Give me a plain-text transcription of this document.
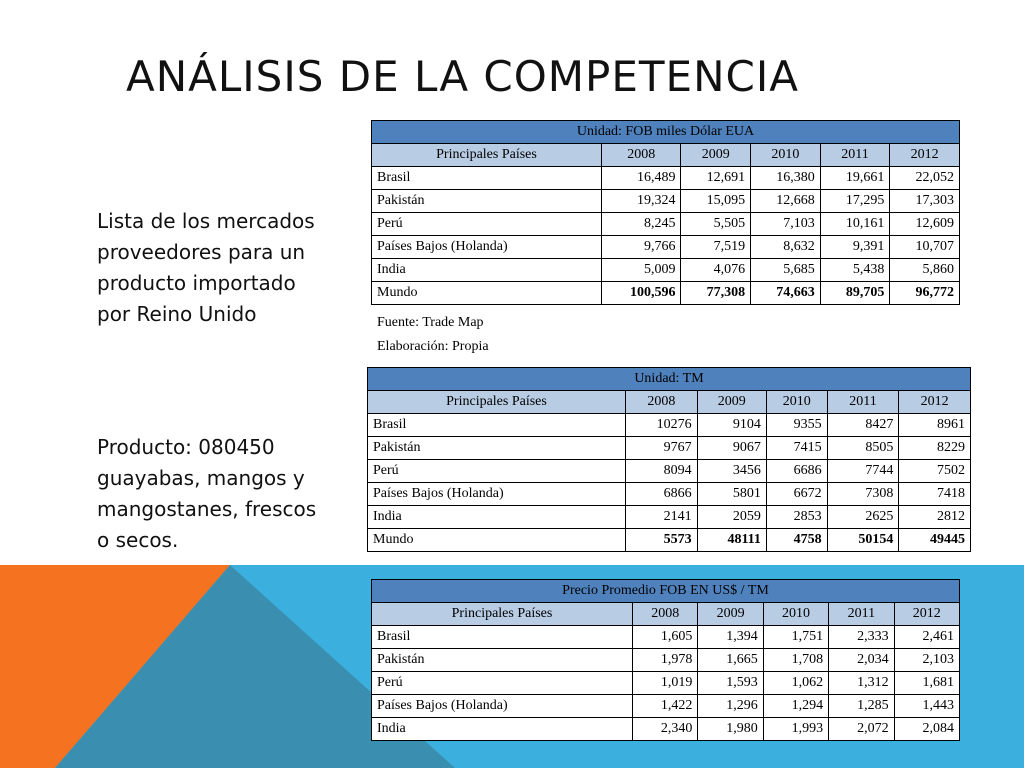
ANÁLISIS DE LA COMPETENCIA

Lista de los mercados proveedores para un producto importado por Reino Unido

Producto: 080450 guayabas, mangos y mangostanes, frescos o secos.

Unidad: FOB miles Dólar EUA					
Principales Países	2008	2009	2010	2011	2012
Brasil	16,489	12,691	16,380	19,661	22,052
Pakistán	19,324	15,095	12,668	17,295	17,303
Perú	8,245	5,505	7,103	10,161	12,609
Países Bajos (Holanda)	9,766	7,519	8,632	9,391	10,707
India	5,009	4,076	5,685	5,438	5,860
Mundo	100,596	77,308	74,663	89,705	96,772
Fuente: Trade Map
Elaboración: Propia
Unidad: TM					
Principales Países	2008	2009	2010	2011	2012
Brasil	10276	9104	9355	8427	8961
Pakistán	9767	9067	7415	8505	8229
Perú	8094	3456	6686	7744	7502
Países Bajos (Holanda)	6866	5801	6672	7308	7418
India	2141	2059	2853	2625	2812
Mundo	5573	48111	4758	50154	49445
Precio Promedio FOB EN US$ / TM					
Principales Países	2008	2009	2010	2011	2012
Brasil	1,605	1,394	1,751	2,333	2,461
Pakistán	1,978	1,665	1,708	2,034	2,103
Perú	1,019	1,593	1,062	1,312	1,681
Países Bajos (Holanda)	1,422	1,296	1,294	1,285	1,443
India	2,340	1,980	1,993	2,072	2,084
